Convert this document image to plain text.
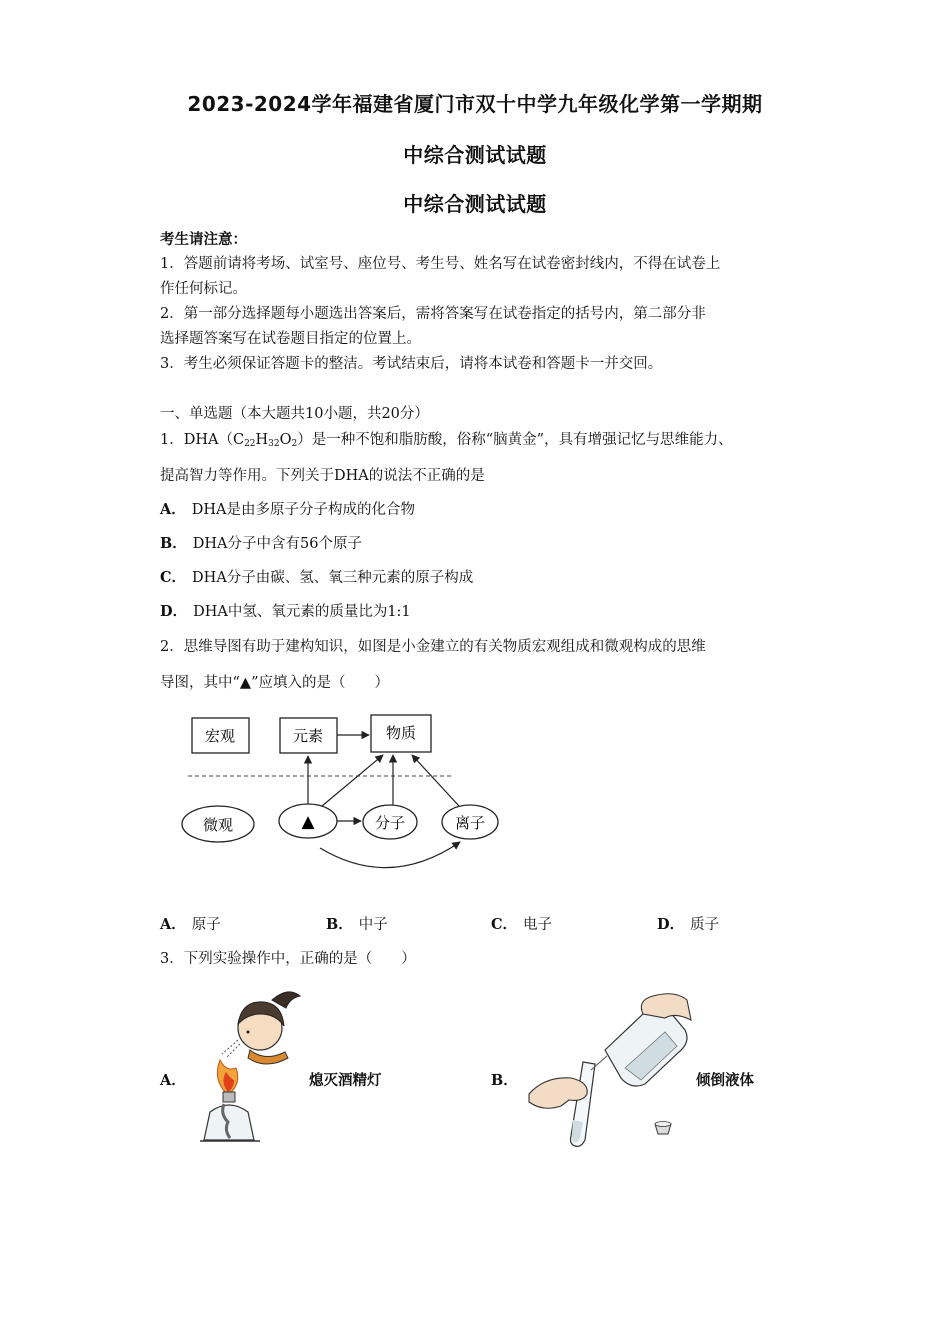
2023-2024学年福建省厦门市双十中学九年级化学第一学期期
中综合测试试题
中综合测试试题
考生请注意：
1．答题前请将考场、试室号、座位号、考生号、姓名写在试卷密封线内，不得在试卷上
作任何标记。
2．第一部分选择题每小题选出答案后，需将答案写在试卷指定的括号内，第二部分非
选择题答案写在试卷题目指定的位置上。
3．考生必须保证答题卡的整洁。考试结束后，请将本试卷和答题卡一并交回。
一、单选题（本大题共10小题，共20分）
1．$DHA(C_{22}H_{32}O_2)$是一种不饱和脂肪酸，俗称“脑黄金”，具有增强记忆与思维能力、
提高智力等作用。下列关于DHA的说法不正确的是
A． DHA是由多原子分子构成的化合物
B． DHA分子中含有56个原子
C． DHA分子由碳、氢、氧三种元素的原子构成
D． DHA中氢、氧元素的质量比为1:1
2．思维导图有助于建构知识，如图是小金建立的有关物质宏观组成和微观构成的思维
导图，其中“▲”应填入的是（　　）
宏观	元素	物质
微观	▲	分子	离子
A． 原子	B． 中子	C． 电子	D． 质子
3．下列实验操作中，正确的是（　　）
A．	熄灭酒精灯	B．	倾倒液体
